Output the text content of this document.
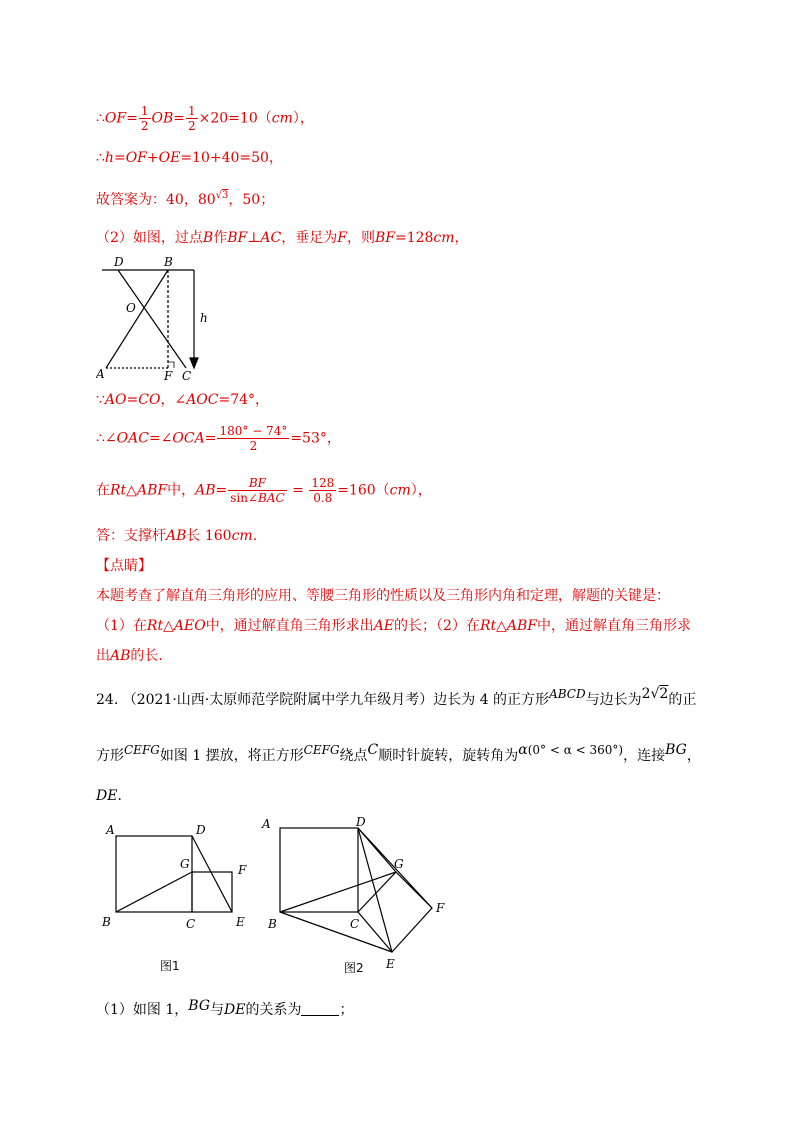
∴OF= $\frac{1}{2} OB= \frac{1}{2} \times 20=10(cm)$，
∴h=OF+OE=10+40=50，
故答案为：40，$80^{√3}$，50；
（2）如图，过点B作BF⊥AC，垂足为F，则BF=128cm，
D	B
O
h
A	F C
∵AO=CO，∠AOC=74°，
∴∠OAC=∠OCA= $\frac{180^\circ - 74^\circ}{2} =53^\circ$，
在Rt△ABF中，$AB= \frac{BF}{\text{sin∠BAC}} = \frac{128}{0.8} =160(cm)$，
答：支撑杆AB长 160cm.
【点睛】
本题考查了解直角三角形的应用、等腰三角形的性质以及三角形内角和定理，解题的关键是：
（1）在Rt△AEO中，通过解直角三角形求出AE的长；（2）在Rt△ABF中，通过解直角三角形求
出AB的长.
24. （2021·山西·太原师范学院附属中学九年级月考）边长为 4 的正方形ABCD与边长为2√2的正
方形CEFG如图 1 摆放，将正方形CEFG绕点C顺时针旋转，旋转角为α(0° < α < 360°)，连接BG，
DE.
A	D
G	F
B	C	E
图1
A	D
G
F
B	C
E
图2
（1）如图 1，BG与DE的关系为	；
